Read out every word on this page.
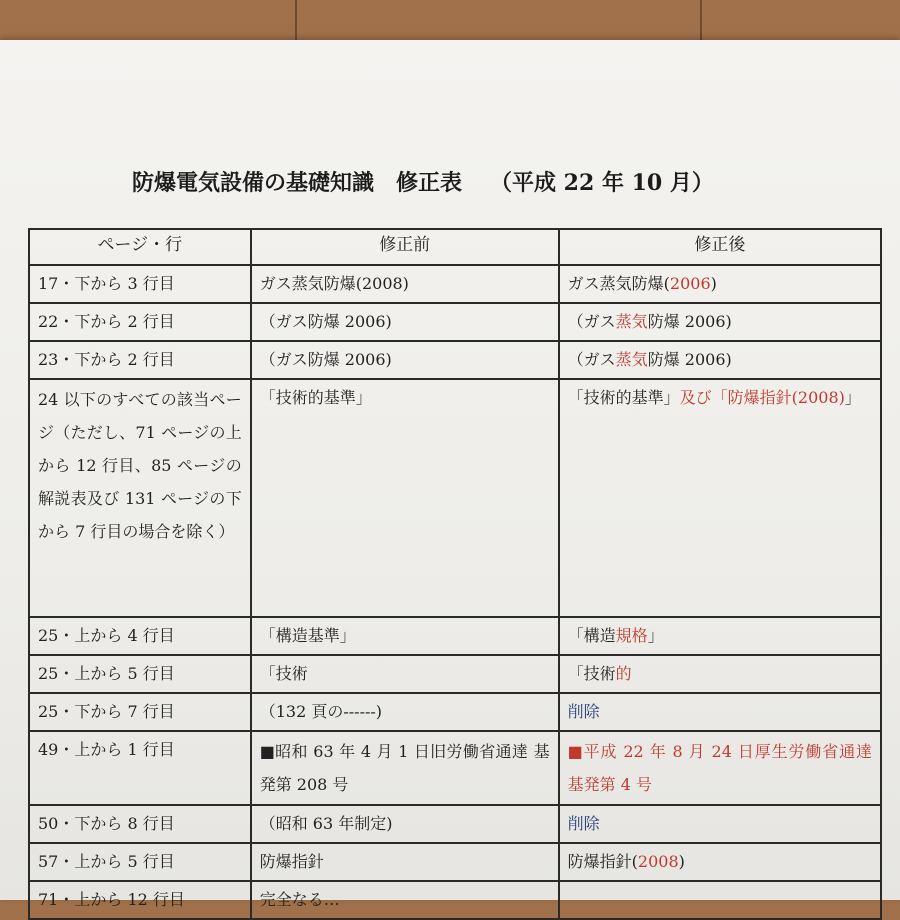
防爆電気設備の基礎知識　修正表 （平成 22 年 10 月）
ページ・行	修正前	修正後
17・下から 3 行目	ガス蒸気防爆(2008)	ガス蒸気防爆(2006)
22・下から 2 行目	（ガス防爆 2006)	（ガス蒸気防爆 2006)
23・下から 2 行目	（ガス防爆 2006)	（ガス蒸気防爆 2006)
24 以下のすべての該当ページ（ただし、71 ページの上から 12 行目、85 ページの解説表及び 131 ページの下から 7 行目の場合を除く）	「技術的基準」	「技術的基準」及び「防爆指針(2008)」
25・上から 4 行目	「構造基準」	「構造規格」
25・上から 5 行目	「技術	「技術的
25・下から 7 行目	（132 頁の------)	削除
49・上から 1 行目	■昭和 63 年 4 月 1 日旧労働省通達 基発第 208 号	■平成 22 年 8 月 24 日厚生労働省通達 基発第 4 号
50・下から 8 行目	（昭和 63 年制定)	削除
57・上から 5 行目	防爆指針	防爆指針(2008)
71・上から 12 行目	完全なる…	
